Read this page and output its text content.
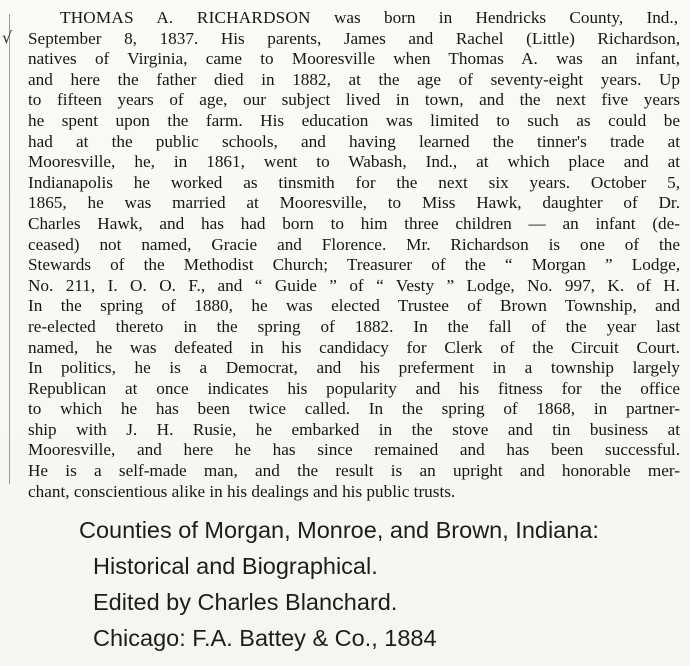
√
THOMAS A. RICHARDSON was born in Hendricks County, Ind.,
September 8, 1837. His parents, James and Rachel (Little) Richardson,
natives of Virginia, came to Mooresville when Thomas A. was an infant,
and here the father died in 1882, at the age of seventy-eight years. Up
to fifteen years of age, our subject lived in town, and the next five years
he spent upon the farm. His education was limited to such as could be
had at the public schools, and having learned the tinner's trade at
Mooresville, he, in 1861, went to Wabash, Ind., at which place and at
Indianapolis he worked as tinsmith for the next six years. October 5,
1865, he was married at Mooresville, to Miss Hawk, daughter of Dr.
Charles Hawk, and has had born to him three children — an infant (de-
ceased) not named, Gracie and Florence. Mr. Richardson is one of the
Stewards of the Methodist Church; Treasurer of the “ Morgan ” Lodge,
No. 211, I. O. O. F., and “ Guide ” of “ Vesty ” Lodge, No. 997, K. of H.
In the spring of 1880, he was elected Trustee of Brown Township, and
re-elected thereto in the spring of 1882. In the fall of the year last
named, he was defeated in his candidacy for Clerk of the Circuit Court.
In politics, he is a Democrat, and his preferment in a township largely
Republican at once indicates his popularity and his fitness for the office
to which he has been twice called. In the spring of 1868, in partner-
ship with J. H. Rusie, he embarked in the stove and tin business at
Mooresville, and here he has since remained and has been successful.
He is a self-made man, and the result is an upright and honorable mer-
chant, conscientious alike in his dealings and his public trusts.
Counties of Morgan, Monroe, and Brown, Indiana:
Historical and Biographical.
Edited by Charles Blanchard.
Chicago: F.A. Battey & Co., 1884
